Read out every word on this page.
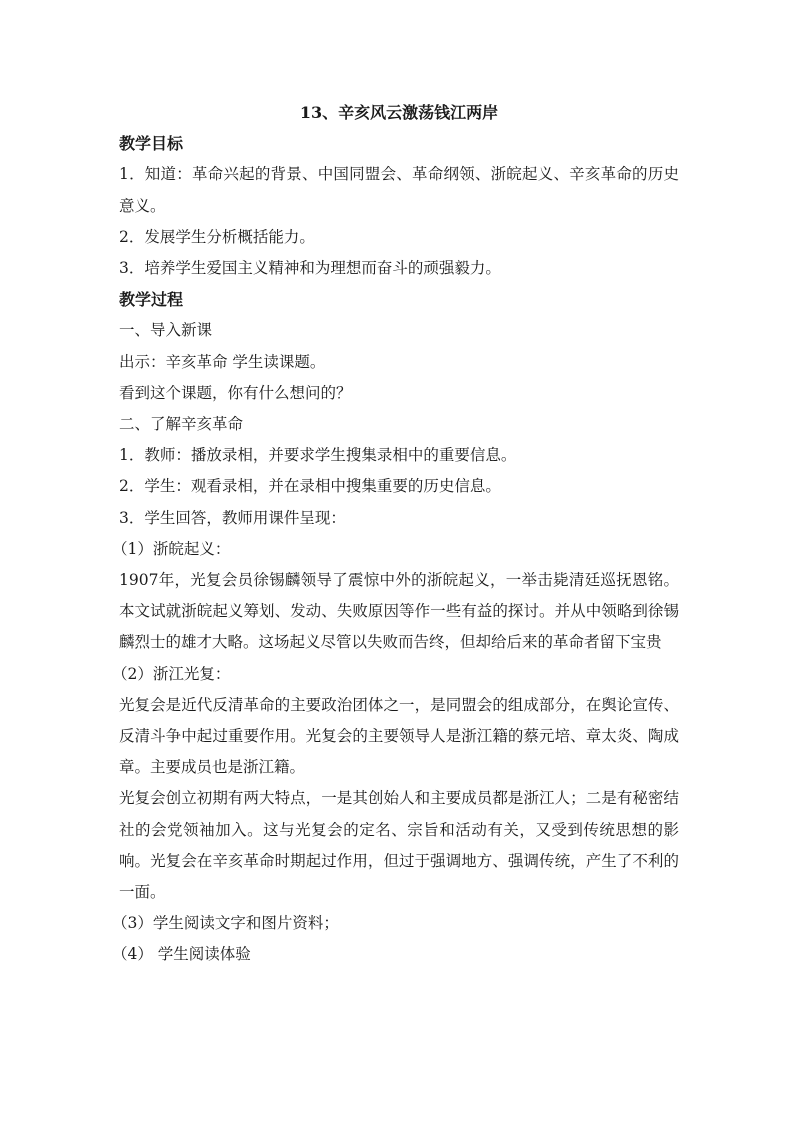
13、辛亥风云激荡钱江两岸

教学目标

1．知道：革命兴起的背景、中国同盟会、革命纲领、浙皖起义、辛亥革命的历史意义。

2．发展学生分析概括能力。

3．培养学生爱国主义精神和为理想而奋斗的顽强毅力。

教学过程

一、导入新课

出示：辛亥革命 学生读课题。

看到这个课题，你有什么想问的？

二、了解辛亥革命

1．教师：播放录相，并要求学生搜集录相中的重要信息。

2．学生：观看录相，并在录相中搜集重要的历史信息。

3．学生回答，教师用课件呈现：

（1）浙皖起义：

1907年，光复会员徐锡麟领导了震惊中外的浙皖起义，一举击毙清廷巡抚恩铭。本文试就浙皖起义筹划、发动、失败原因等作一些有益的探讨。并从中领略到徐锡麟烈士的雄才大略。这场起义尽管以失败而告终，但却给后来的革命者留下宝贵

（2）浙江光复：

光复会是近代反清革命的主要政治团体之一，是同盟会的组成部分，在舆论宣传、反清斗争中起过重要作用。光复会的主要领导人是浙江籍的蔡元培、章太炎、陶成章。主要成员也是浙江籍。

光复会创立初期有两大特点，一是其创始人和主要成员都是浙江人；二是有秘密结社的会党领袖加入。这与光复会的定名、宗旨和活动有关，又受到传统思想的影响。光复会在辛亥革命时期起过作用，但过于强调地方、强调传统，产生了不利的一面。

（3）学生阅读文字和图片资料；

（4） 学生阅读体验
